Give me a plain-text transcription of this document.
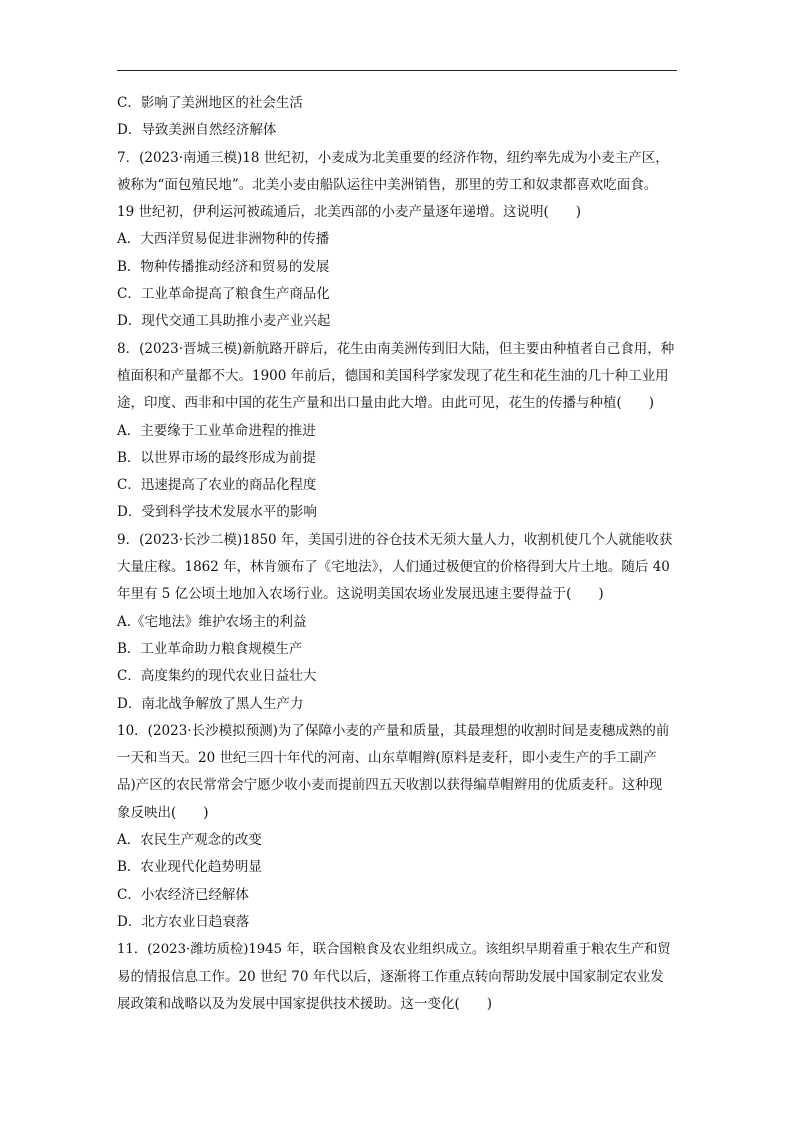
C．影响了美洲地区的社会生活
D．导致美洲自然经济解体
7．(2023·南通三模)18 世纪初，小麦成为北美重要的经济作物，纽约率先成为小麦主产区，
被称为“面包殖民地”。北美小麦由船队运往中美洲销售，那里的劳工和奴隶都喜欢吃面食。
19 世纪初，伊利运河被疏通后，北美西部的小麦产量逐年递增。这说明(　　)
A．大西洋贸易促进非洲物种的传播
B．物种传播推动经济和贸易的发展
C．工业革命提高了粮食生产商品化
D．现代交通工具助推小麦产业兴起
8．(2023·晋城三模)新航路开辟后，花生由南美洲传到旧大陆，但主要由种植者自己食用，种
植面积和产量都不大。1900 年前后，德国和美国科学家发现了花生和花生油的几十种工业用
途，印度、西非和中国的花生产量和出口量由此大增。由此可见，花生的传播与种植(　　)
A．主要缘于工业革命进程的推进
B．以世界市场的最终形成为前提
C．迅速提高了农业的商品化程度
D．受到科学技术发展水平的影响
9．(2023·长沙二模)1850 年，美国引进的谷仓技术无须大量人力，收割机使几个人就能收获
大量庄稼。1862 年，林肯颁布了《宅地法》，人们通过极便宜的价格得到大片土地。随后 40
年里有 5 亿公顷土地加入农场行业。这说明美国农场业发展迅速主要得益于(　　)
A.《宅地法》维护农场主的利益
B．工业革命助力粮食规模生产
C．高度集约的现代农业日益壮大
D．南北战争解放了黑人生产力
10．(2023·长沙模拟预测)为了保障小麦的产量和质量，其最理想的收割时间是麦穗成熟的前
一天和当天。20 世纪三四十年代的河南、山东草帽辫(原料是麦秆，即小麦生产的手工副产
品)产区的农民常常会宁愿少收小麦而提前四五天收割以获得编草帽辫用的优质麦秆。这种现
象反映出(　　)
A．农民生产观念的改变
B．农业现代化趋势明显
C．小农经济已经解体
D．北方农业日趋衰落
11．(2023·潍坊质检)1945 年，联合国粮食及农业组织成立。该组织早期着重于粮农生产和贸
易的情报信息工作。20 世纪 70 年代以后，逐渐将工作重点转向帮助发展中国家制定农业发
展政策和战略以及为发展中国家提供技术援助。这一变化(　　)
